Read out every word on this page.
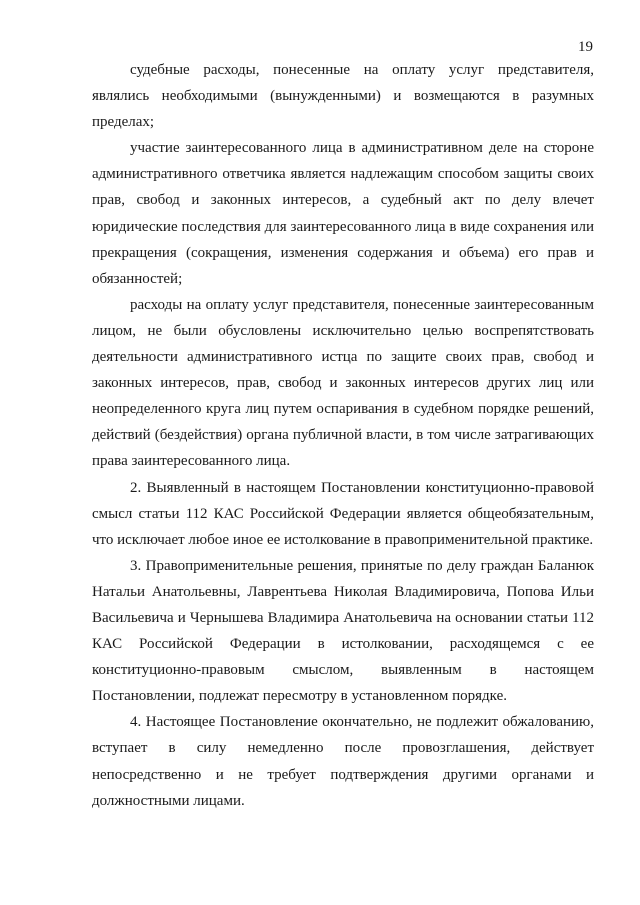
19

судебные расходы, понесенные на оплату услуг представителя, являлись необходимыми (вынужденными) и возмещаются в разумных пределах;

участие заинтересованного лица в административном деле на стороне административного ответчика является надлежащим способом защиты своих прав, свобод и законных интересов, а судебный акт по делу влечет юридические последствия для заинтересованного лица в виде сохранения или прекращения (сокращения, изменения содержания и объема) его прав и обязанностей;

расходы на оплату услуг представителя, понесенные заинтересованным лицом, не были обусловлены исключительно целью воспрепятствовать деятельности административного истца по защите своих прав, свобод и законных интересов, прав, свобод и законных интересов других лиц или неопределенного круга лиц путем оспаривания в судебном порядке решений, действий (бездействия) органа публичной власти, в том числе затрагивающих права заинтересованного лица.

2. Выявленный в настоящем Постановлении конституционно-правовой смысл статьи 112 КАС Российской Федерации является общеобязательным, что исключает любое иное ее истолкование в правоприменительной практике.

3. Правоприменительные решения, принятые по делу граждан Баланюк Натальи Анатольевны, Лаврентьева Николая Владимировича, Попова Ильи Васильевича и Чернышева Владимира Анатольевича на основании статьи 112 КАС Российской Федерации в истолковании, расходящемся с ее конституционно-правовым смыслом, выявленным в настоящем Постановлении, подлежат пересмотру в установленном порядке.

4. Настоящее Постановление окончательно, не подлежит обжалованию, вступает в силу немедленно после провозглашения, действует непосредственно и не требует подтверждения другими органами и должностными лицами.
